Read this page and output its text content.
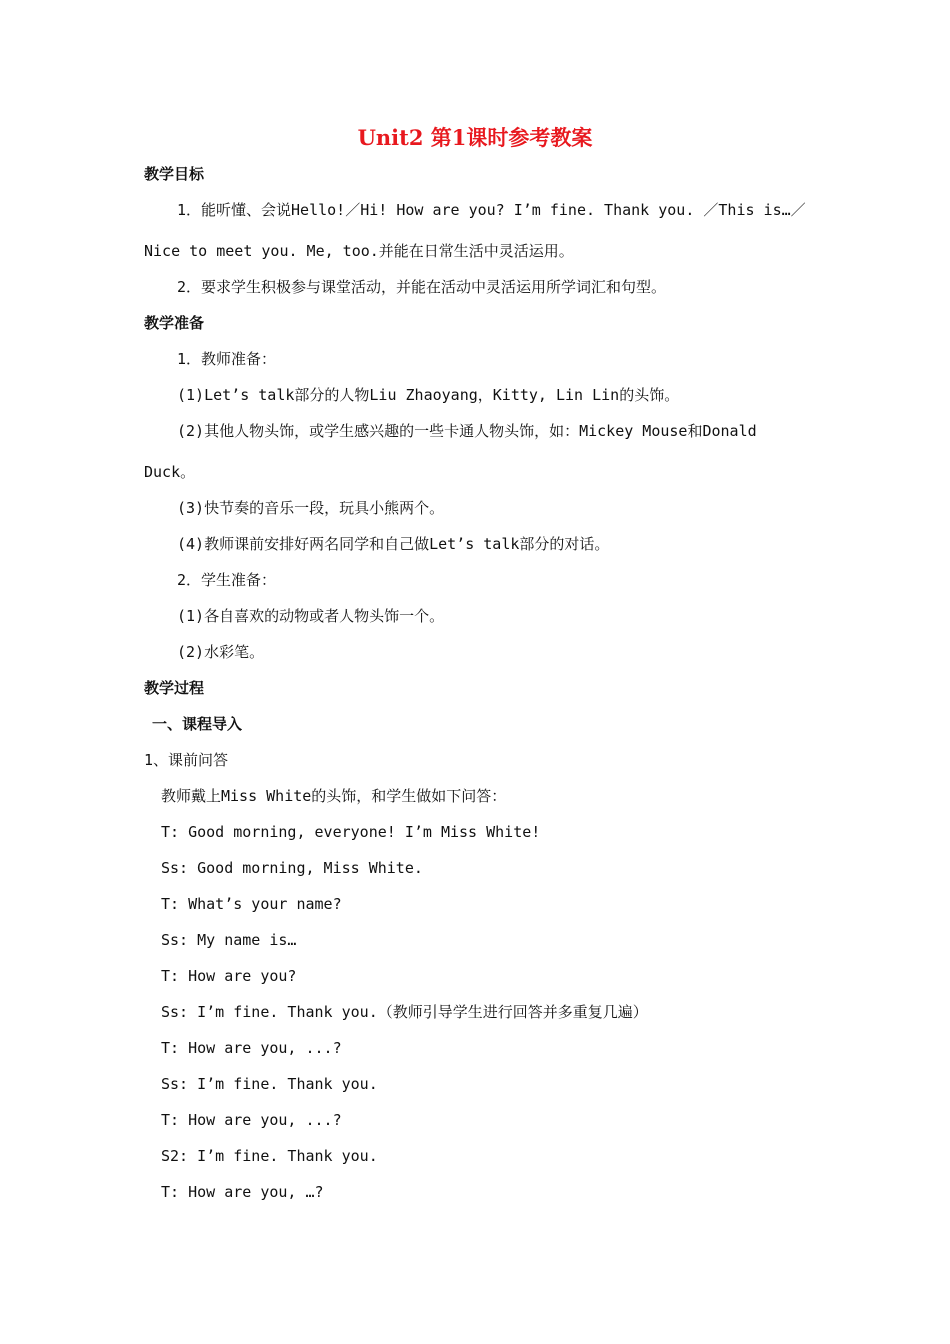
Unit2 第1课时参考教案
教学目标
1．能听懂、会说Hello!／Hi! How are you? I’m fine. Thank you. ／This is…／
Nice to meet you. Me, too.并能在日常生活中灵活运用。
2．要求学生积极参与课堂活动，并能在活动中灵活运用所学词汇和句型。
教学准备
1．教师准备：
(1)Let’s talk部分的人物Liu Zhaoyang，Kitty, Lin Lin的头饰。
(2)其他人物头饰，或学生感兴趣的一些卡通人物头饰，如：Mickey Mouse和Donald
Duck。
(3)快节奏的音乐一段，玩具小熊两个。
(4)教师课前安排好两名同学和自己做Let’s talk部分的对话。
2．学生准备：
(1)各自喜欢的动物或者人物头饰一个。
(2)水彩笔。
教学过程
一、课程导入
1、课前问答
教师戴上Miss White的头饰，和学生做如下问答：
T: Good morning, everyone! I’m Miss White!
Ss: Good morning, Miss White.
T: What’s your name?
Ss: My name is…
T: How are you?
Ss: I’m fine. Thank you.（教师引导学生进行回答并多重复几遍）
T: How are you, ...?
Ss: I’m fine. Thank you.
T: How are you, ...?
S2: I’m fine. Thank you.
T: How are you, …?
